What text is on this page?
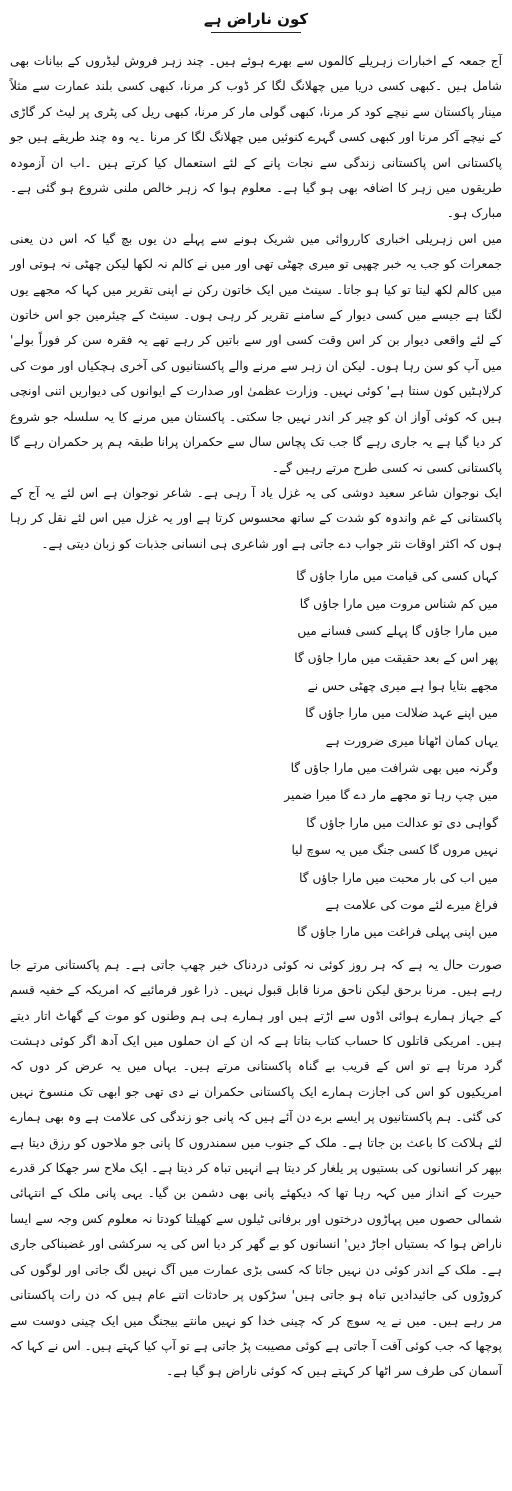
کون ناراض ہے

آج جمعہ کے اخبارات زہریلے کالموں سے بھرے ہوئے ہیں۔ چند زہر فروش لیڈروں کے بیانات بھی شامل ہیں ۔کبھی کسی دریا میں چھلانگ لگا کر ڈوب کر مرنا، کبھی کسی بلند عمارت سے مثلاً مینار پاکستان سے نیچے کود کر مرنا، کبھی گولی مار کر مرنا، کبھی ریل کی پٹری پر لیٹ کر گاڑی کے نیچے آکر مرنا اور کبھی کسی گہرے کنوئیں میں چھلانگ لگا کر مرنا ۔یہ وہ چند طریقے ہیں جو پاکستانی اس پاکستانی زندگی سے نجات پانے کے لئے استعمال کیا کرتے ہیں ۔اب ان آزمودہ طریقوں میں زہر کا اضافہ بھی ہو گیا ہے۔ معلوم ہوا کہ زہر خالص ملنی شروع ہو گئی ہے۔ مبارک ہو۔

میں اس زہریلی اخباری کارروائی میں شریک ہونے سے پہلے دن یوں بچ گیا کہ اس دن یعنی جمعرات کو جب یہ خبر چھپی تو میری چھٹی تھی اور میں نے کالم نہ لکھا لیکن چھٹی نہ ہوتی اور میں کالم لکھ لیتا تو کیا ہو جاتا۔ سینٹ میں ایک خاتون رکن نے اپنی تقریر میں کہا کہ مجھے یوں لگتا ہے جیسے میں کسی دیوار کے سامنے تقریر کر رہی ہوں۔ سینٹ کے چیئرمین جو اس خاتون کے لئے واقعی دیوار بن کر اس وقت کسی اور سے باتیں کر رہے تھے یہ فقرہ سن کر فوراً بولے' میں آپ کو سن رہا ہوں۔ لیکن ان زہر سے مرنے والے پاکستانیوں کی آخری ہچکیاں اور موت کی کرلاہٹیں کون سنتا ہے' کوئی نہیں۔ وزارت عظمیٰ اور صدارت کے ایوانوں کی دیواریں اتنی اونچی ہیں کہ کوئی آواز ان کو چیر کر اندر نہیں جا سکتی۔ پاکستان میں مرنے کا یہ سلسلہ جو شروع کر دیا گیا ہے یہ جاری رہے گا جب تک پچاس سال سے حکمران پرانا طبقہ ہم پر حکمران رہے گا پاکستانی کسی نہ کسی طرح مرتے رہیں گے۔

ایک نوجوان شاعر سعید دوشی کی یہ غزل یاد آ رہی ہے۔ شاعر نوجوان ہے اس لئے یہ آج کے پاکستانی کے غم واندوہ کو شدت کے ساتھ محسوس کرتا ہے اور یہ غزل میں اس لئے نقل کر رہا ہوں کہ اکثر اوقات نثر جواب دے جاتی ہے اور شاعری ہی انسانی جذبات کو زبان دیتی ہے۔

کہاں کسی کی قیامت میں مارا جاؤں گا

میں کم شناس مروت میں مارا جاؤں گا

میں مارا جاؤں گا پہلے کسی فسانے میں

پھر اس کے بعد حقیقت میں مارا جاؤں گا

مجھے بتایا ہوا ہے میری چھٹی حس نے

میں اپنے عہد ضلالت میں مارا جاؤں گا

یہاں کمان اٹھانا میری ضرورت ہے

وگرنہ میں بھی شرافت میں مارا جاؤں گا

میں چپ رہا تو مجھے مار دے گا میرا ضمیر

گواہی دی تو عدالت میں مارا جاؤں گا

نہیں مروں گا کسی جنگ میں یہ سوچ لیا

میں اب کی بار محبت میں مارا جاؤں گا

فراغ میرے لئے موت کی علامت ہے

میں اپنی پہلی فراغت میں مارا جاؤں گا

صورت حال یہ ہے کہ ہر روز کوئی نہ کوئی دردناک خبر چھپ جاتی ہے۔ ہم پاکستانی مرتے جا رہے ہیں۔ مرنا برحق لیکن ناحق مرنا قابل قبول نہیں۔ ذرا غور فرمائیے کہ امریکہ کے خفیہ قسم کے جہاز ہمارے ہوائی اڈوں سے اڑتے ہیں اور ہمارے ہی ہم وطنوں کو موت کے گھاٹ اتار دیتے ہیں۔ امریکی قاتلوں کا حساب کتاب بتاتا ہے کہ ان کے ان حملوں میں ایک آدھ اگر کوئی دہشت گرد مرتا ہے تو اس کے قریب بے گناہ پاکستانی مرتے ہیں۔ یہاں میں یہ عرض کر دوں کہ امریکیوں کو اس کی اجازت ہمارے ایک پاکستانی حکمران نے دی تھی جو ابھی تک منسوخ نہیں کی گئی۔ ہم پاکستانیوں پر ایسے برے دن آئے ہیں کہ پانی جو زندگی کی علامت ہے وہ بھی ہمارے لئے ہلاکت کا باعث بن جاتا ہے۔ ملک کے جنوب میں سمندروں کا پانی جو ملاحوں کو رزق دیتا ہے بپھر کر انسانوں کی بستیوں پر یلغار کر دیتا ہے انہیں تباہ کر دیتا ہے۔ ایک ملاح سر جھکا کر قدرے حیرت کے انداز میں کہہ رہا تھا کہ دیکھئے پانی بھی دشمن بن گیا۔ یہی پانی ملک کے انتہائی شمالی حصوں میں پہاڑوں درختوں اور برفانی ٹیلوں سے کھیلتا کودتا نہ معلوم کس وجہ سے ایسا ناراض ہوا کہ بستیاں اجاڑ دیں' انسانوں کو بے گھر کر دیا اس کی یہ سرکشی اور غضبناکی جاری ہے۔ ملک کے اندر کوئی دن نہیں جاتا کہ کسی بڑی عمارت میں آگ نہیں لگ جاتی اور لوگوں کی کروڑوں کی جائیدادیں تباہ ہو جاتی ہیں' سڑکوں پر حادثات اتنے عام ہیں کہ دن رات پاکستانی مر رہے ہیں۔ میں نے یہ سوچ کر کہ چینی خدا کو نہیں مانتے بیجنگ میں ایک چینی دوست سے پوچھا کہ جب کوئی آفت آ جاتی ہے کوئی مصیبت پڑ جاتی ہے تو آپ کیا کہتے ہیں۔ اس نے کہا کہ آسمان کی طرف سر اٹھا کر کہتے ہیں کہ کوئی ناراض ہو گیا ہے۔
